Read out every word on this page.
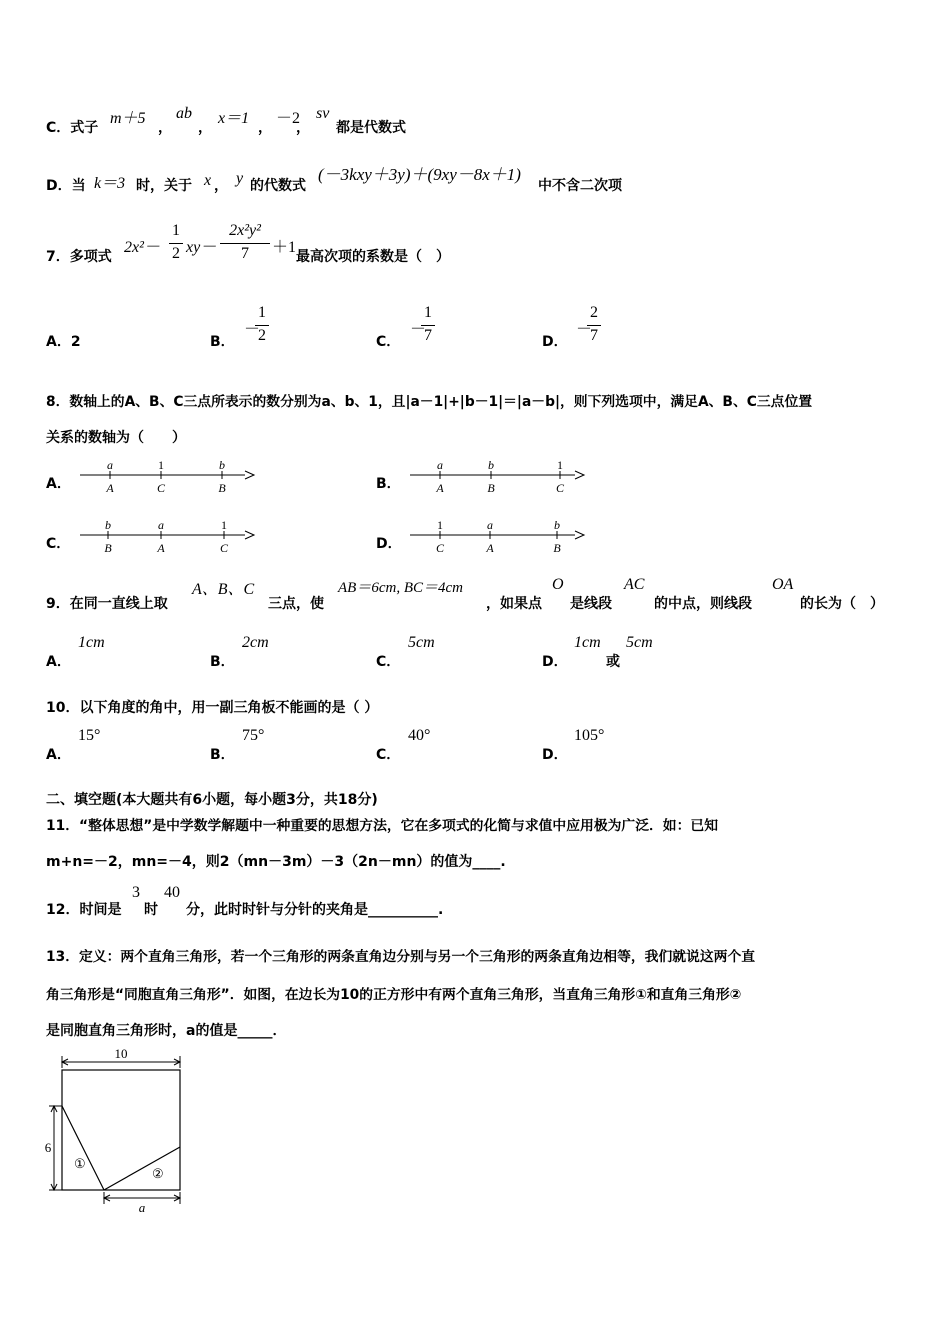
C．式子
m＋5
，
ab
，
x＝1
，
－2
，
sv
都是代数式
D．当 k＝3 时，关于 x ， y 的代数式
(－3kxy＋3y)＋(9xy－8x＋1)
中不含二次项
7．多项式
2x²－
1
2 xy－
2x²y²
7	＋1
最高次项的系数是（　）
A．2	B．
－
1
2	C．
－
1
7	D．
－
2
7
8．数轴上的A、B、C三点所表示的数分别为a、b、1，且|a－1|+|b－1|＝|a－b|，则下列选项中，满足A、B、C三点位置
关系的数轴为（　　）
A．
a	1	b
A	C	B	B．
a	b	1
A	B	C
C．
b	a	1
B	A	C	D．
1	a	b
C	A	B
9．在同一直线上取
A、B、C
三点，使
AB＝6cm, BC＝4cm
，如果点
O
是线段
AC
的中点，则线段
OA
的长为（　）
A．
1cm
B．
2cm
C．
5cm
D．
1cm
或
5cm
10．以下角度的角中，用一副三角板不能画的是（ ）
A．
15°
B．
75°
C．
40°
D．
105°
二、填空题(本大题共有6小题，每小题3分，共18分)
11．“整体思想”是中学数学解题中一种重要的思想方法，它在多项式的化简与求值中应用极为广泛．如：已知
m+n=－2，mn=－4，则2（mn－3m）－3（2n－mn）的值为____.
12．时间是
3
时
40
分，此时时针与分针的夹角是__________.
13．定义：两个直角三角形，若一个三角形的两条直角边分别与另一个三角形的两条直角边相等，我们就说这两个直
角三角形是“同胞直角三角形”．如图，在边长为10的正方形中有两个直角三角形，当直角三角形①和直角三角形②
是同胞直角三角形时，a的值是_____．
10
6
①
②
a
